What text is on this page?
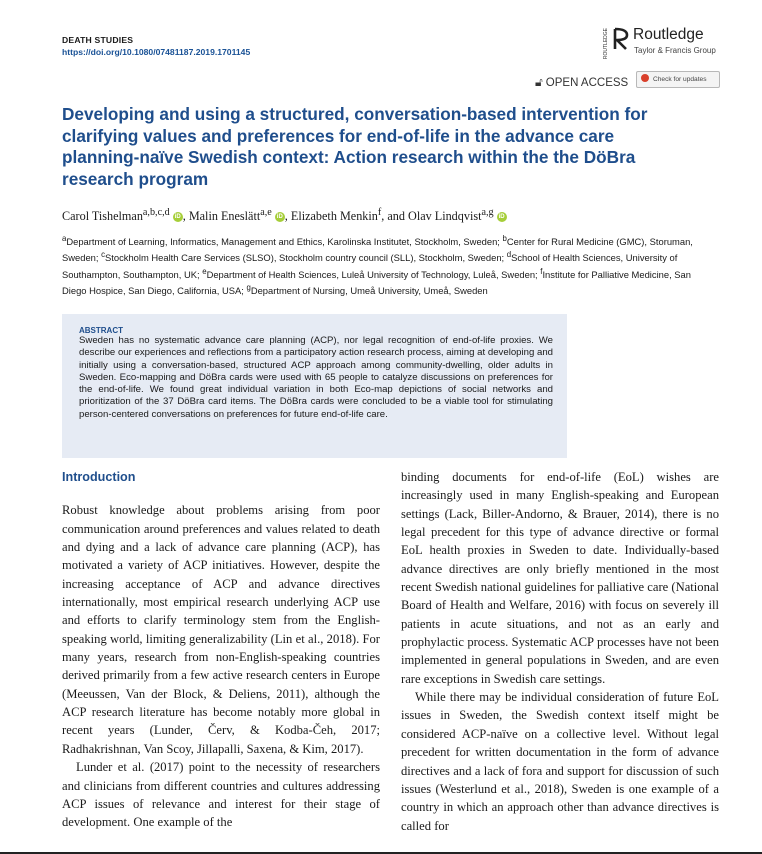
DEATH STUDIES
https://doi.org/10.1080/07481187.2019.1701145	ROUTLEDGE Routledge
Taylor & Francis Group
🔓︎ OPEN ACCESS	Check for updates
Developing and using a structured, conversation-based intervention for clarifying values and preferences for end-of-life in the advance care planning-naïve Swedish context: Action research within the the DöBra research program
Carol Tishelman$^{a,b,c,d}$ iD , Malin Eneslätt$^{a,e}$ iD , Elizabeth Menkin$^f$, and Olav Lindqvist$^{a,g}$ iD
$^a$Department of Learning, Informatics, Management and Ethics, Karolinska Institutet, Stockholm, Sweden; $^b$Center for Rural Medicine (GMC), Storuman, Sweden; $^c$Stockholm Health Care Services (SLSO), Stockholm country council (SLL), Stockholm, Sweden; $^d$School of Health Sciences, University of Southampton, Southampton, UK; $^e$Department of Health Sciences, Luleå University of Technology, Luleå, Sweden; $^f$Institute for Palliative Medicine, San Diego Hospice, San Diego, California, USA; $^g$Department of Nursing, Umeå University, Umeå, Sweden
ABSTRACT
Sweden has no systematic advance care planning (ACP), nor legal recognition of end-of-life proxies. We describe our experiences and reflections from a participatory action research process, aiming at developing and initially using a conversation-based, structured ACP approach among community-dwelling, older adults in Sweden. Eco-mapping and DöBra cards were used with 65 people to catalyze discussions on preferences for the end-of-life. We found great individual variation in both Eco-map depictions of social networks and prioritization of the 37 DöBra card items. The DöBra cards were concluded to be a viable tool for stimulating person-centered conversations on preferences for future end-of-life care.

Introduction

Robust knowledge about problems arising from poor communication around preferences and values related to death and dying and a lack of advance care planning (ACP), has motivated a variety of ACP initiatives. However, despite the increasing acceptance of ACP and advance directives internationally, most empirical research underlying ACP use and efforts to clarify terminology stem from the English-speaking world, limiting generalizability (Lin et al., 2018). For many years, research from non-English-speaking countries derived primarily from a few active research centers in Europe (Meeussen, Van der Block, & Deliens, 2011), although the ACP research literature has become notably more global in recent years (Lunder, Červ, & Kodba-Čeh, 2017; Radhakrishnan, Van Scoy, Jillapalli, Saxena, & Kim, 2017).

Lunder et al. (2017) point to the necessity of researchers and clinicians from different countries and cultures addressing ACP issues of relevance and interest for their stage of development. One example of the

binding documents for end-of-life (EoL) wishes are increasingly used in many English-speaking and European settings (Lack, Biller-Andorno, & Brauer, 2014), there is no legal precedent for this type of advance directive or formal EoL health proxies in Sweden to date. Individually-based advance directives are only briefly mentioned in the most recent Swedish national guidelines for palliative care (National Board of Health and Welfare, 2016) with focus on severely ill patients in acute situations, and not as an early and prophylactic process. Systematic ACP processes have not been implemented in general populations in Sweden, and are even rare exceptions in Swedish care settings.

While there may be individual consideration of future EoL issues in Sweden, the Swedish context itself might be considered ACP-naïve on a collective level. Without legal precedent for written documentation in the form of advance directives and a lack of fora and support for discussion of such issues (Westerlund et al., 2018), Sweden is one example of a country in which an approach other than advance directives is called for
